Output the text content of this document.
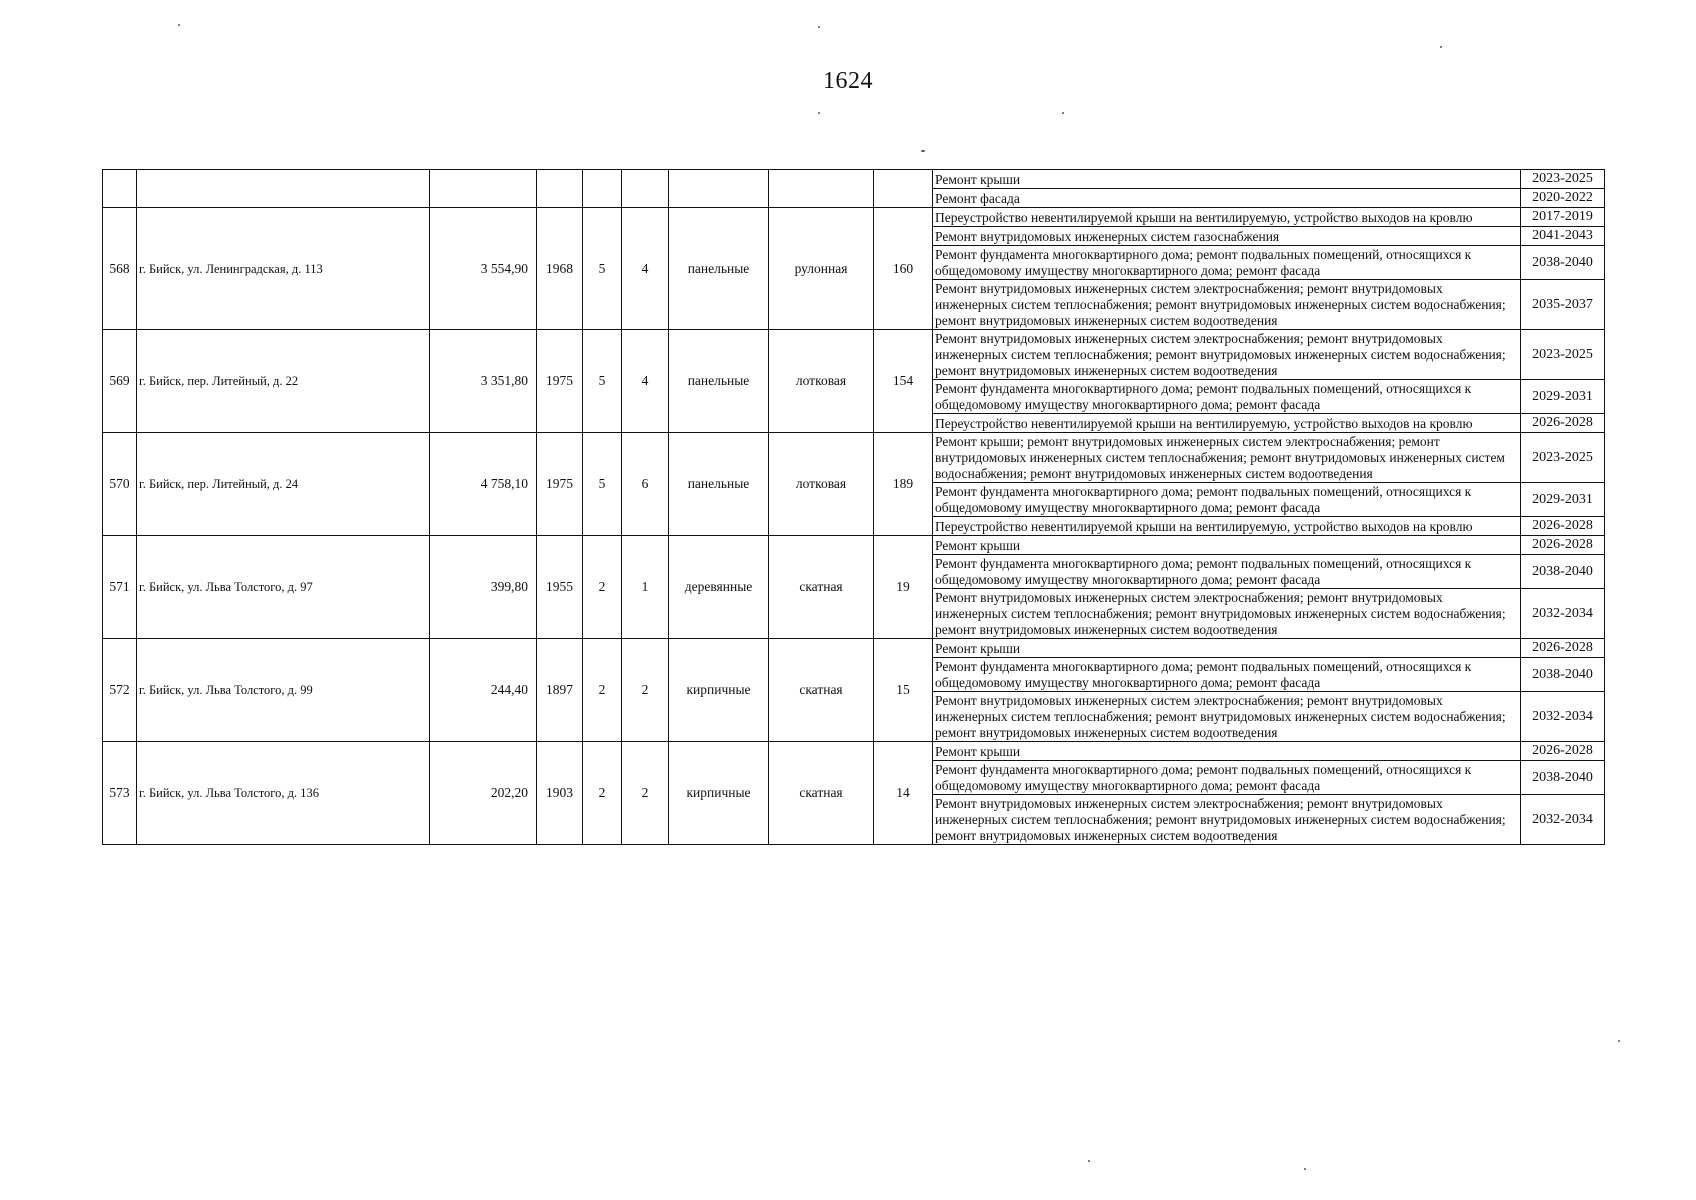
1624
									Ремонт крыши	2023-2025
									Ремонт фасада	2020-2022
568	г. Бийск, ул. Ленинградская, д. 113	3 554,90	1968	5	4	панельные	рулонная	160	Переустройство невентилируемой крыши на вентилируемую, устройство выходов на кровлю	2017-2019
									Ремонт внутридомовых инженерных систем газоснабжения	2041-2043
									Ремонт фундамента многоквартирного дома; ремонт подвальных помещений, относящихся к общедомовому имуществу многоквартирного дома; ремонт фасада	2038-2040
									Ремонт внутридомовых инженерных систем электроснабжения; ремонт внутридомовых инженерных систем теплоснабжения; ремонт внутридомовых инженерных систем водоснабжения; ремонт внутридомовых инженерных систем водоотведения	2035-2037
569	г. Бийск, пер. Литейный, д. 22	3 351,80	1975	5	4	панельные	лотковая	154	Ремонт внутридомовых инженерных систем электроснабжения; ремонт внутридомовых инженерных систем теплоснабжения; ремонт внутридомовых инженерных систем водоснабжения; ремонт внутридомовых инженерных систем водоотведения	2023-2025
									Ремонт фундамента многоквартирного дома; ремонт подвальных помещений, относящихся к общедомовому имуществу многоквартирного дома; ремонт фасада	2029-2031
									Переустройство невентилируемой крыши на вентилируемую, устройство выходов на кровлю	2026-2028
570	г. Бийск, пер. Литейный, д. 24	4 758,10	1975	5	6	панельные	лотковая	189	Ремонт крыши; ремонт внутридомовых инженерных систем электроснабжения; ремонт внутридомовых инженерных систем теплоснабжения; ремонт внутридомовых инженерных систем водоснабжения; ремонт внутридомовых инженерных систем водоотведения	2023-2025
									Ремонт фундамента многоквартирного дома; ремонт подвальных помещений, относящихся к общедомовому имуществу многоквартирного дома; ремонт фасада	2029-2031
									Переустройство невентилируемой крыши на вентилируемую, устройство выходов на кровлю	2026-2028
571	г. Бийск, ул. Льва Толстого, д. 97	399,80	1955	2	1	деревянные	скатная	19	Ремонт крыши	2026-2028
									Ремонт фундамента многоквартирного дома; ремонт подвальных помещений, относящихся к общедомовому имуществу многоквартирного дома; ремонт фасада	2038-2040
									Ремонт внутридомовых инженерных систем электроснабжения; ремонт внутридомовых инженерных систем теплоснабжения; ремонт внутридомовых инженерных систем водоснабжения; ремонт внутридомовых инженерных систем водоотведения	2032-2034
572	г. Бийск, ул. Льва Толстого, д. 99	244,40	1897	2	2	кирпичные	скатная	15	Ремонт крыши	2026-2028
									Ремонт фундамента многоквартирного дома; ремонт подвальных помещений, относящихся к общедомовому имуществу многоквартирного дома; ремонт фасада	2038-2040
									Ремонт внутридомовых инженерных систем электроснабжения; ремонт внутридомовых инженерных систем теплоснабжения; ремонт внутридомовых инженерных систем водоснабжения; ремонт внутридомовых инженерных систем водоотведения	2032-2034
573	г. Бийск, ул. Льва Толстого, д. 136	202,20	1903	2	2	кирпичные	скатная	14	Ремонт крыши	2026-2028
									Ремонт фундамента многоквартирного дома; ремонт подвальных помещений, относящихся к общедомовому имуществу многоквартирного дома; ремонт фасада	2038-2040
									Ремонт внутридомовых инженерных систем электроснабжения; ремонт внутридомовых инженерных систем теплоснабжения; ремонт внутридомовых инженерных систем водоснабжения; ремонт внутридомовых инженерных систем водоотведения	2032-2034
